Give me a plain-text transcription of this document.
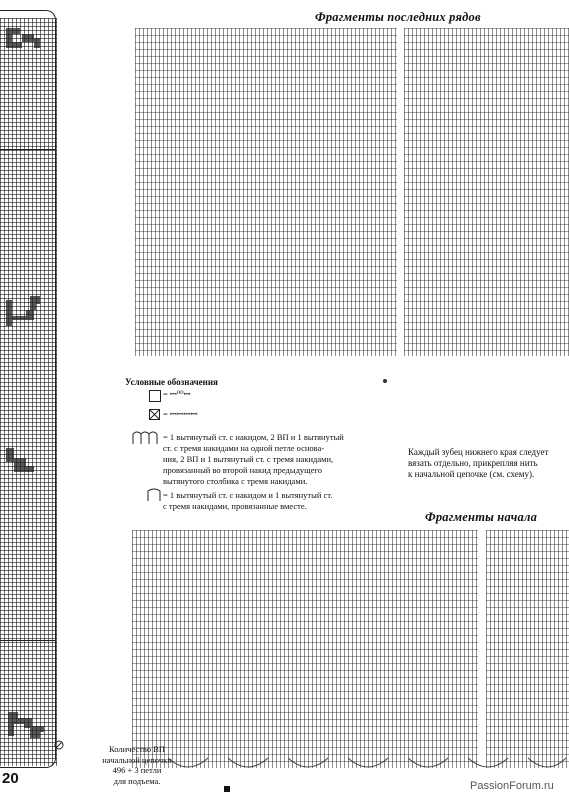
20
Фрагменты последних рядов
Условные обозначения
= ꟷ⁰⁰ꟷ
= ꟷꟷꟷꟷ
= 1 вытянутый ст. с накидом, 2 ВП и 1 вытянутый
ст. с тремя накидами на одной петле основа-
ния, 2 ВП и 1 вытянутый ст. с тремя накидами,
провязанный во второй накид предыдущего
вытянутого столбика с тремя накидами.
= 1 вытянутый ст. с накидом и 1 вытянутый ст.
с тремя накидами, провязанные вместе.
Каждый зубец нижнего края следует
вязать отдельно, прикрепляя нить
к начальной цепочке (см. схему).
Фрагменты начала
Количество ВП
начальной цепочки
496 + 3 петли
для подъема.	PassionForum.ru
